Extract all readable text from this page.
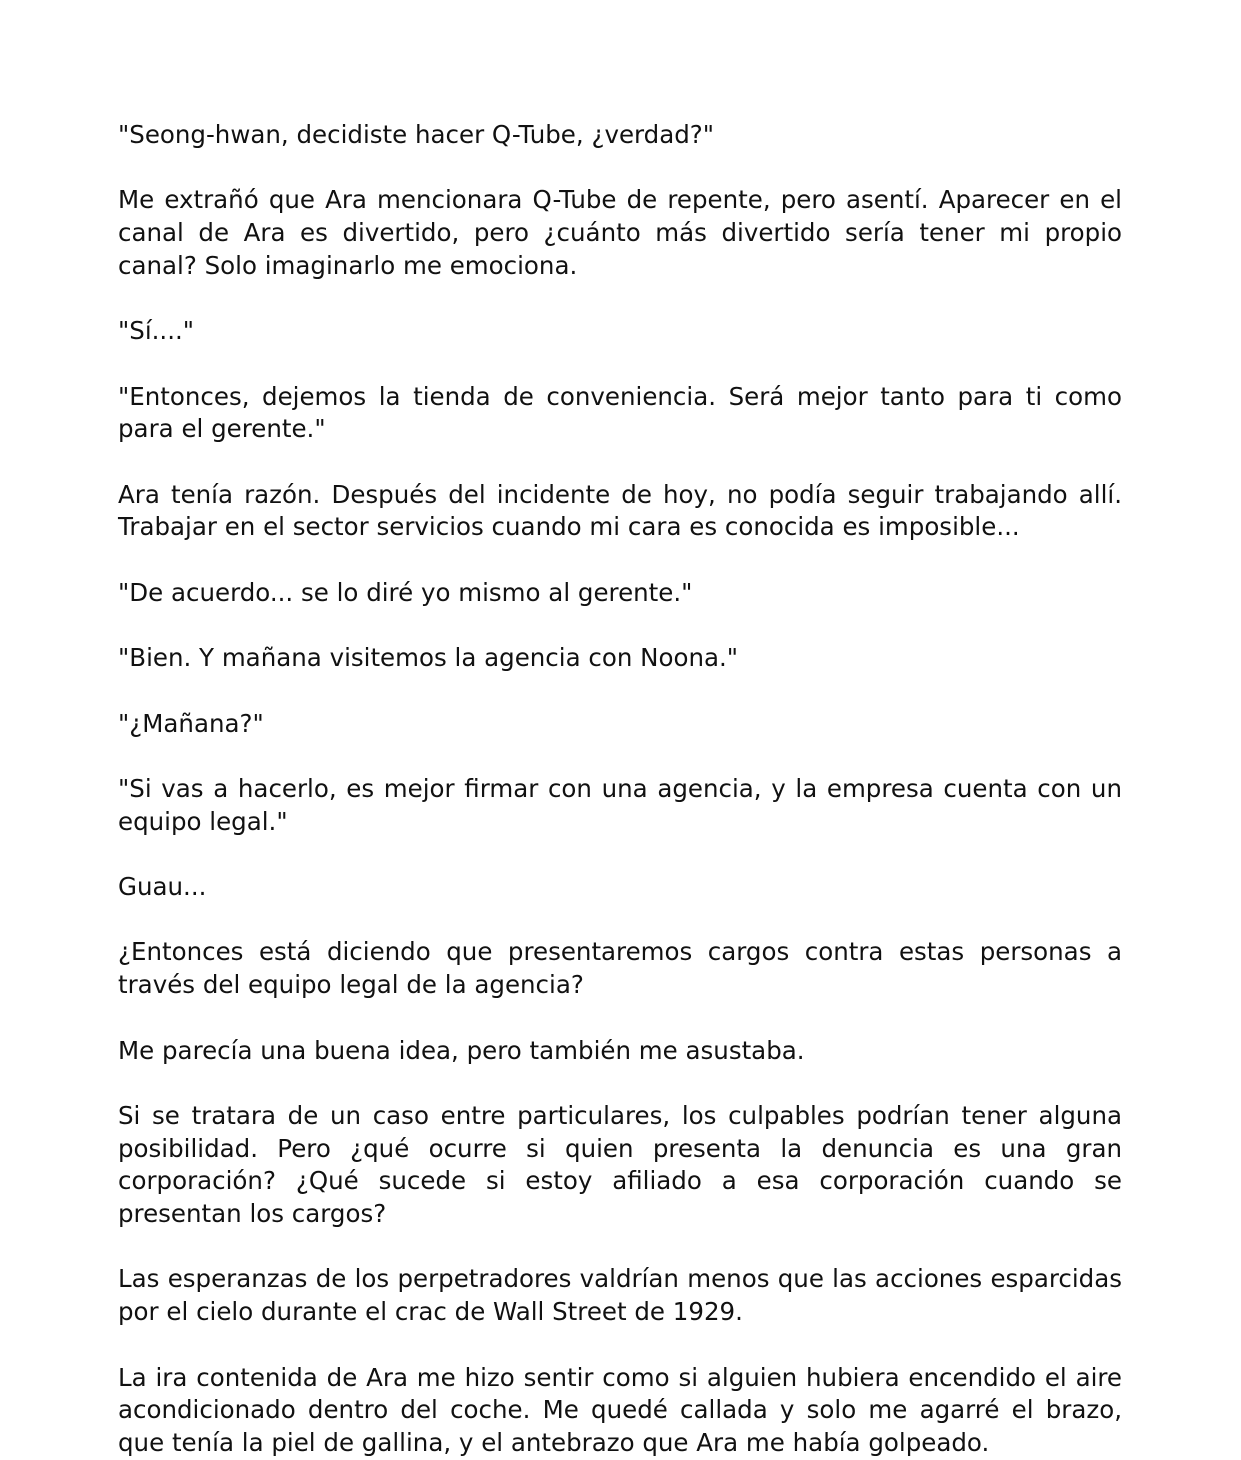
"Seong-hwan, decidiste hacer Q-Tube, ¿verdad?"

Me extrañó que Ara mencionara Q-Tube de repente, pero asentí. Aparecer en el canal de Ara es divertido, pero ¿cuánto más divertido sería tener mi propio canal? Solo imaginarlo me emociona.

"Sí...."

"Entonces, dejemos la tienda de conveniencia. Será mejor tanto para ti como para el gerente."

Ara tenía razón. Después del incidente de hoy, no podía seguir trabajando allí. Trabajar en el sector servicios cuando mi cara es conocida es imposible...

"De acuerdo... se lo diré yo mismo al gerente."

"Bien. Y mañana visitemos la agencia con Noona."

"¿Mañana?"

"Si vas a hacerlo, es mejor firmar con una agencia, y la empresa cuenta con un equipo legal."

Guau...

¿Entonces está diciendo que presentaremos cargos contra estas personas a través del equipo legal de la agencia?

Me parecía una buena idea, pero también me asustaba.

Si se tratara de un caso entre particulares, los culpables podrían tener alguna posibilidad. Pero ¿qué ocurre si quien presenta la denuncia es una gran corporación? ¿Qué sucede si estoy afiliado a esa corporación cuando se presentan los cargos?

Las esperanzas de los perpetradores valdrían menos que las acciones esparcidas por el cielo durante el crac de Wall Street de 1929.

La ira contenida de Ara me hizo sentir como si alguien hubiera encendido el aire acondicionado dentro del coche. Me quedé callada y solo me agarré el brazo, que tenía la piel de gallina, y el antebrazo que Ara me había golpeado.
